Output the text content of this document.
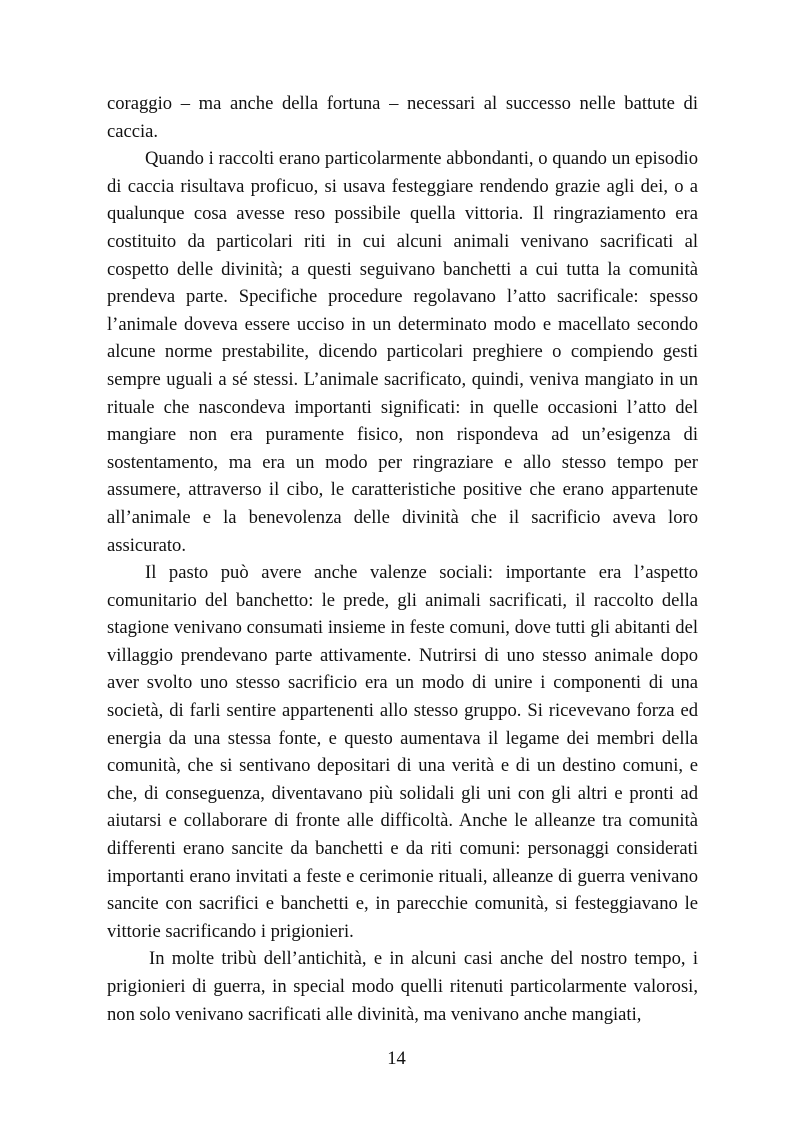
coraggio – ma anche della fortuna – necessari al successo nelle battute di caccia.

Quando i raccolti erano particolarmente abbondanti, o quando un episodio di caccia risultava proficuo, si usava festeggiare rendendo grazie agli dei, o a qualunque cosa avesse reso possibile quella vittoria. Il ringraziamento era costituito da particolari riti in cui alcuni animali venivano sacrificati al cospetto delle divinità; a questi seguivano banchetti a cui tutta la comunità prendeva parte. Specifiche procedure regolavano l’atto sacrificale: spesso l’animale doveva essere ucciso in un determinato modo e macellato secondo alcune norme prestabilite, dicendo particolari preghiere o compiendo gesti sempre uguali a sé stessi. L’animale sacrificato, quindi, veniva mangiato in un rituale che nascondeva importanti significati: in quelle occasioni l’atto del mangiare non era puramente fisico, non rispondeva ad un’esigenza di sostentamento, ma era un modo per ringraziare e allo stesso tempo per assumere, attraverso il cibo, le caratteristiche positive che erano appartenute all’animale e la benevolenza delle divinità che il sacrificio aveva loro assicurato.

Il pasto può avere anche valenze sociali: importante era l’aspetto comunitario del banchetto: le prede, gli animali sacrificati, il raccolto della stagione venivano consumati insieme in feste comuni, dove tutti gli abitanti del villaggio prendevano parte attivamente. Nutrirsi di uno stesso animale dopo aver svolto uno stesso sacrificio era un modo di unire i componenti di una società, di farli sentire appartenenti allo stesso gruppo. Si ricevevano forza ed energia da una stessa fonte, e questo aumentava il legame dei membri della comunità, che si sentivano depositari di una verità e di un destino comuni, e che, di conseguenza, diventavano più solidali gli uni con gli altri e pronti ad aiutarsi e collaborare di fronte alle difficoltà. Anche le alleanze tra comunità differenti erano sancite da banchetti e da riti comuni: personaggi considerati importanti erano invitati a feste e cerimonie rituali, alleanze di guerra venivano sancite con sacrifici e banchetti e, in parecchie comunità, si festeggiavano le vittorie sacrificando i prigionieri.

In molte tribù dell’antichità, e in alcuni casi anche del nostro tempo, i prigionieri di guerra, in special modo quelli ritenuti particolarmente valorosi, non solo venivano sacrificati alle divinità, ma venivano anche mangiati,

14
